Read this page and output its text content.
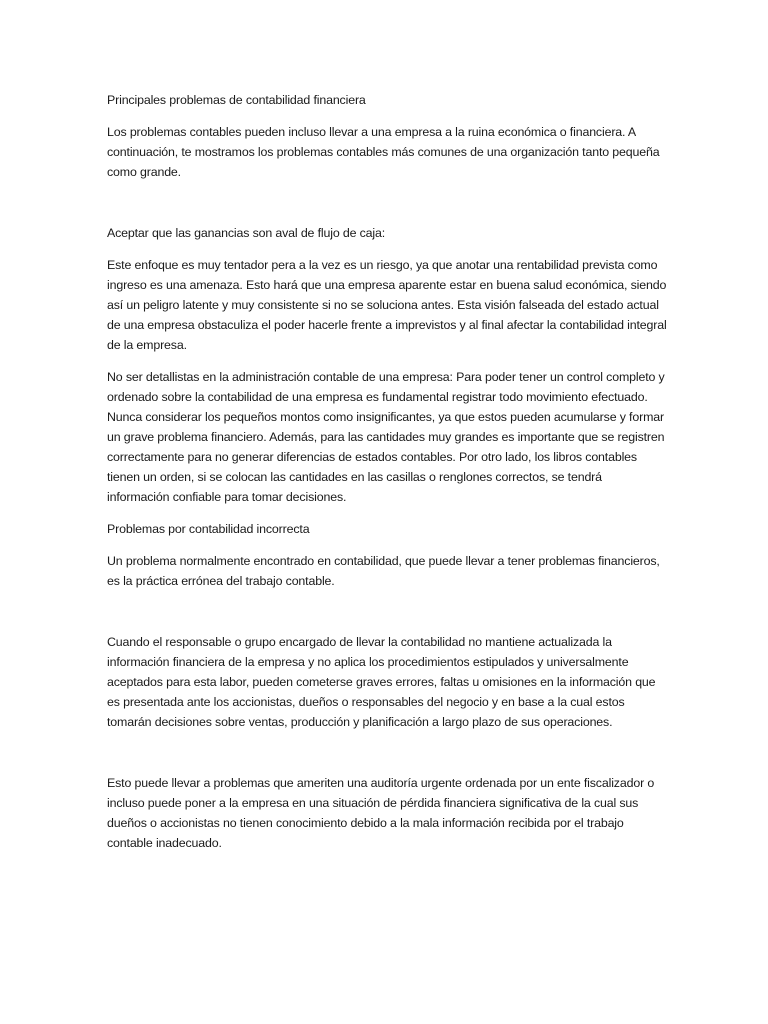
Principales problemas de contabilidad financiera

Los problemas contables pueden incluso llevar a una empresa a la ruina económica o financiera. A continuación, te mostramos los problemas contables más comunes de una organización tanto pequeña como grande.

Aceptar que las ganancias son aval de flujo de caja:

Este enfoque es muy tentador pera a la vez es un riesgo, ya que anotar una rentabilidad prevista como ingreso es una amenaza. Esto hará que una empresa aparente estar en buena salud económica, siendo así un peligro latente y muy consistente si no se soluciona antes. Esta visión falseada del estado actual de una empresa obstaculiza el poder hacerle frente a imprevistos y al final afectar la contabilidad integral de la empresa.

No ser detallistas en la administración contable de una empresa: Para poder tener un control completo y ordenado sobre la contabilidad de una empresa es fundamental registrar todo movimiento efectuado. Nunca considerar los pequeños montos como insignificantes, ya que estos pueden acumularse y formar un grave problema financiero. Además, para las cantidades muy grandes es importante que se registren correctamente para no generar diferencias de estados contables. Por otro lado, los libros contables tienen un orden, si se colocan las cantidades en las casillas o renglones correctos, se tendrá información confiable para tomar decisiones.

Problemas por contabilidad incorrecta

Un problema normalmente encontrado en contabilidad, que puede llevar a tener problemas financieros, es la práctica errónea del trabajo contable.

Cuando el responsable o grupo encargado de llevar la contabilidad no mantiene actualizada la información financiera de la empresa y no aplica los procedimientos estipulados y universalmente aceptados para esta labor, pueden cometerse graves errores, faltas u omisiones en la información que es presentada ante los accionistas, dueños o responsables del negocio y en base a la cual estos tomarán decisiones sobre ventas, producción y planificación a largo plazo de sus operaciones.

Esto puede llevar a problemas que ameriten una auditoría urgente ordenada por un ente fiscalizador o incluso puede poner a la empresa en una situación de pérdida financiera significativa de la cual sus dueños o accionistas no tienen conocimiento debido a la mala información recibida por el trabajo contable inadecuado.
